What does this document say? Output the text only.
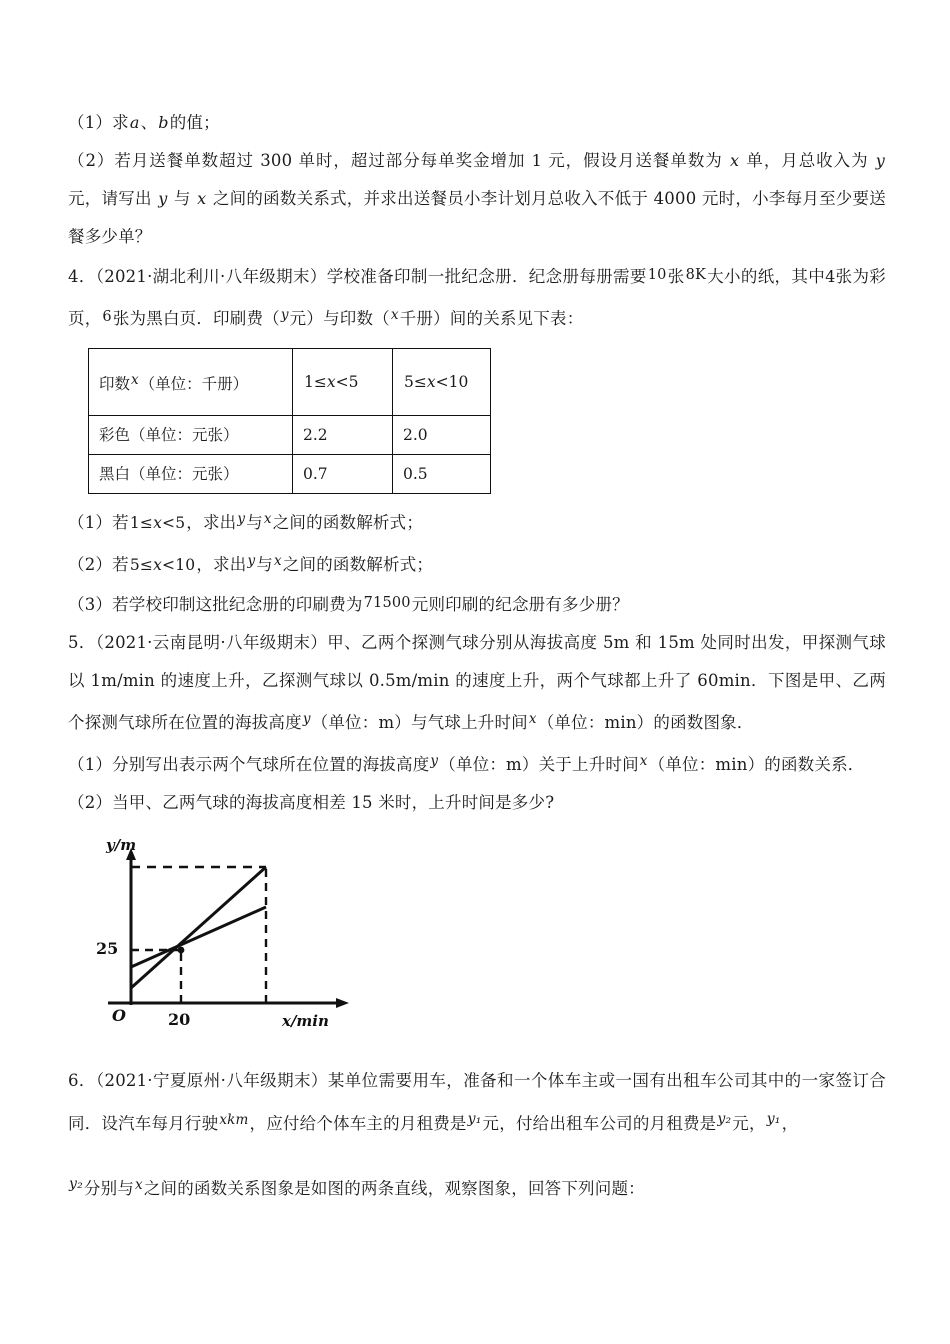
（1）求a、b的值；

（2）若月送餐单数超过 300 单时，超过部分每单奖金增加 1 元，假设月送餐单数为 x 单，月总收入为 y 元，请写出 y 与 x 之间的函数关系式，并求出送餐员小李计划月总收入不低于 4000 元时，小李每月至少要送餐多少单？

4．（2021·湖北利川·八年级期末）学校准备印制一批纪念册．纪念册每册需要10张8K大小的纸，其中4张为彩页，6张为黑白页．印刷费（$^y$元）与印数（$^x$千册）间的关系见下表：

印数x（单位：千册）	1≤x<5	5≤x<10
彩色（单位：元张）	2.2	2.0
黑白（单位：元张）	0.7	0.5

（1）若1≤x<5，求出$^y$与$^x$之间的函数解析式；

（2）若5≤x<10，求出$^y$与$^x$之间的函数解析式；

（3）若学校印制这批纪念册的印刷费为71500元则印刷的纪念册有多少册？

5．（2021·云南昆明·八年级期末）甲、乙两个探测气球分别从海拔高度 5m 和 15m 处同时出发，甲探测气球以 1m/min 的速度上升，乙探测气球以 0.5m/min 的速度上升，两个气球都上升了 60min．下图是甲、乙两个探测气球所在位置的海拔高度$^y$（单位：m）与气球上升时间$^x$（单位：min）的函数图象．

（1）分别写出表示两个气球所在位置的海拔高度$^y$（单位：m）关于上升时间$^x$（单位：min）的函数关系．

（2）当甲、乙两气球的海拔高度相差 15 米时，上升时间是多少?

y/m
x/min
O
25
20

6．（2021·宁夏原州·八年级期末）某单位需要用车，准备和一个体车主或一国有出租车公司其中的一家签订合同．设汽车每月行驶$^{xkm}$，应付给个体车主的月租费是$^{y_1}$元，付给出租车公司的月租费是$^{y_2}$元，$^{y_1}$，

$^{y_2}$分别与$^x$之间的函数关系图象是如图的两条直线，观察图象，回答下列问题：
